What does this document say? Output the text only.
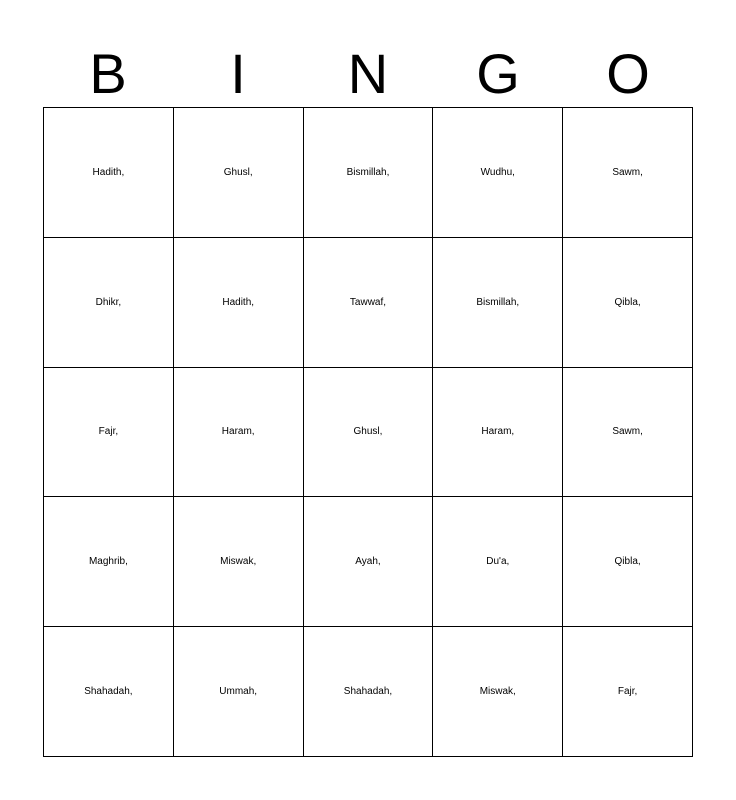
B	I	N	G	O
Hadith,	Ghusl,	Bismillah,	Wudhu,	Sawm,
Dhikr,	Hadith,	Tawwaf,	Bismillah,	Qibla,
Fajr,	Haram,	Ghusl,	Haram,	Sawm,
Maghrib,	Miswak,	Ayah,	Du'a,	Qibla,
Shahadah,	Ummah,	Shahadah,	Miswak,	Fajr,
